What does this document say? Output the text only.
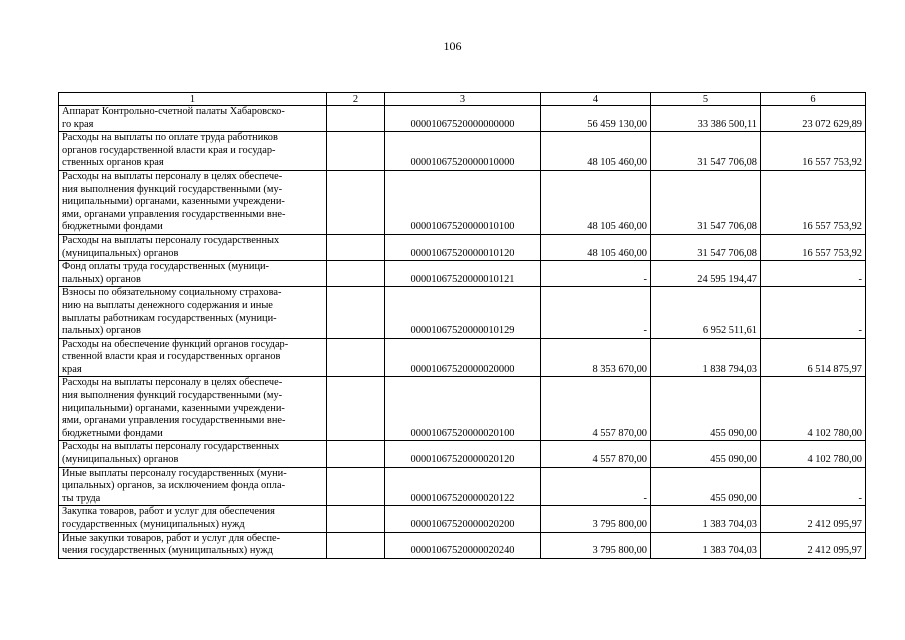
106
1	2	3	4	5	6
Аппарат Контрольно-счетной палаты Хабаровско-
го края		00001067520000000000	56 459 130,00	33 386 500,11	23 072 629,89
Расходы на выплаты по оплате труда работников
органов государственной власти края и государ-
ственных органов края		00001067520000010000	48 105 460,00	31 547 706,08	16 557 753,92
Расходы на выплаты персоналу в целях обеспече-
ния выполнения функций государственными (му-
ниципальными) органами, казенными учреждени-
ями, органами управления государственными вне-
бюджетными фондами		00001067520000010100	48 105 460,00	31 547 706,08	16 557 753,92
Расходы на выплаты персоналу государственных
(муниципальных) органов		00001067520000010120	48 105 460,00	31 547 706,08	16 557 753,92
Фонд оплаты труда государственных (муници-
пальных) органов		00001067520000010121	-	24 595 194,47	-
Взносы по обязательному социальному страхова-
нию на выплаты денежного содержания и иные
выплаты работникам государственных (муници-
пальных) органов		00001067520000010129	-	6 952 511,61	-
Расходы на обеспечение функций органов государ-
ственной власти края и государственных органов
края		00001067520000020000	8 353 670,00	1 838 794,03	6 514 875,97
Расходы на выплаты персоналу в целях обеспече-
ния выполнения функций государственными (му-
ниципальными) органами, казенными учреждени-
ями, органами управления государственными вне-
бюджетными фондами		00001067520000020100	4 557 870,00	455 090,00	4 102 780,00
Расходы на выплаты персоналу государственных
(муниципальных) органов		00001067520000020120	4 557 870,00	455 090,00	4 102 780,00
Иные выплаты персоналу государственных (муни-
ципальных) органов, за исключением фонда опла-
ты труда		00001067520000020122	-	455 090,00	-
Закупка товаров, работ и услуг для обеспечения
государственных (муниципальных) нужд		00001067520000020200	3 795 800,00	1 383 704,03	2 412 095,97
Иные закупки товаров, работ и услуг для обеспе-
чения государственных (муниципальных) нужд		00001067520000020240	3 795 800,00	1 383 704,03	2 412 095,97
